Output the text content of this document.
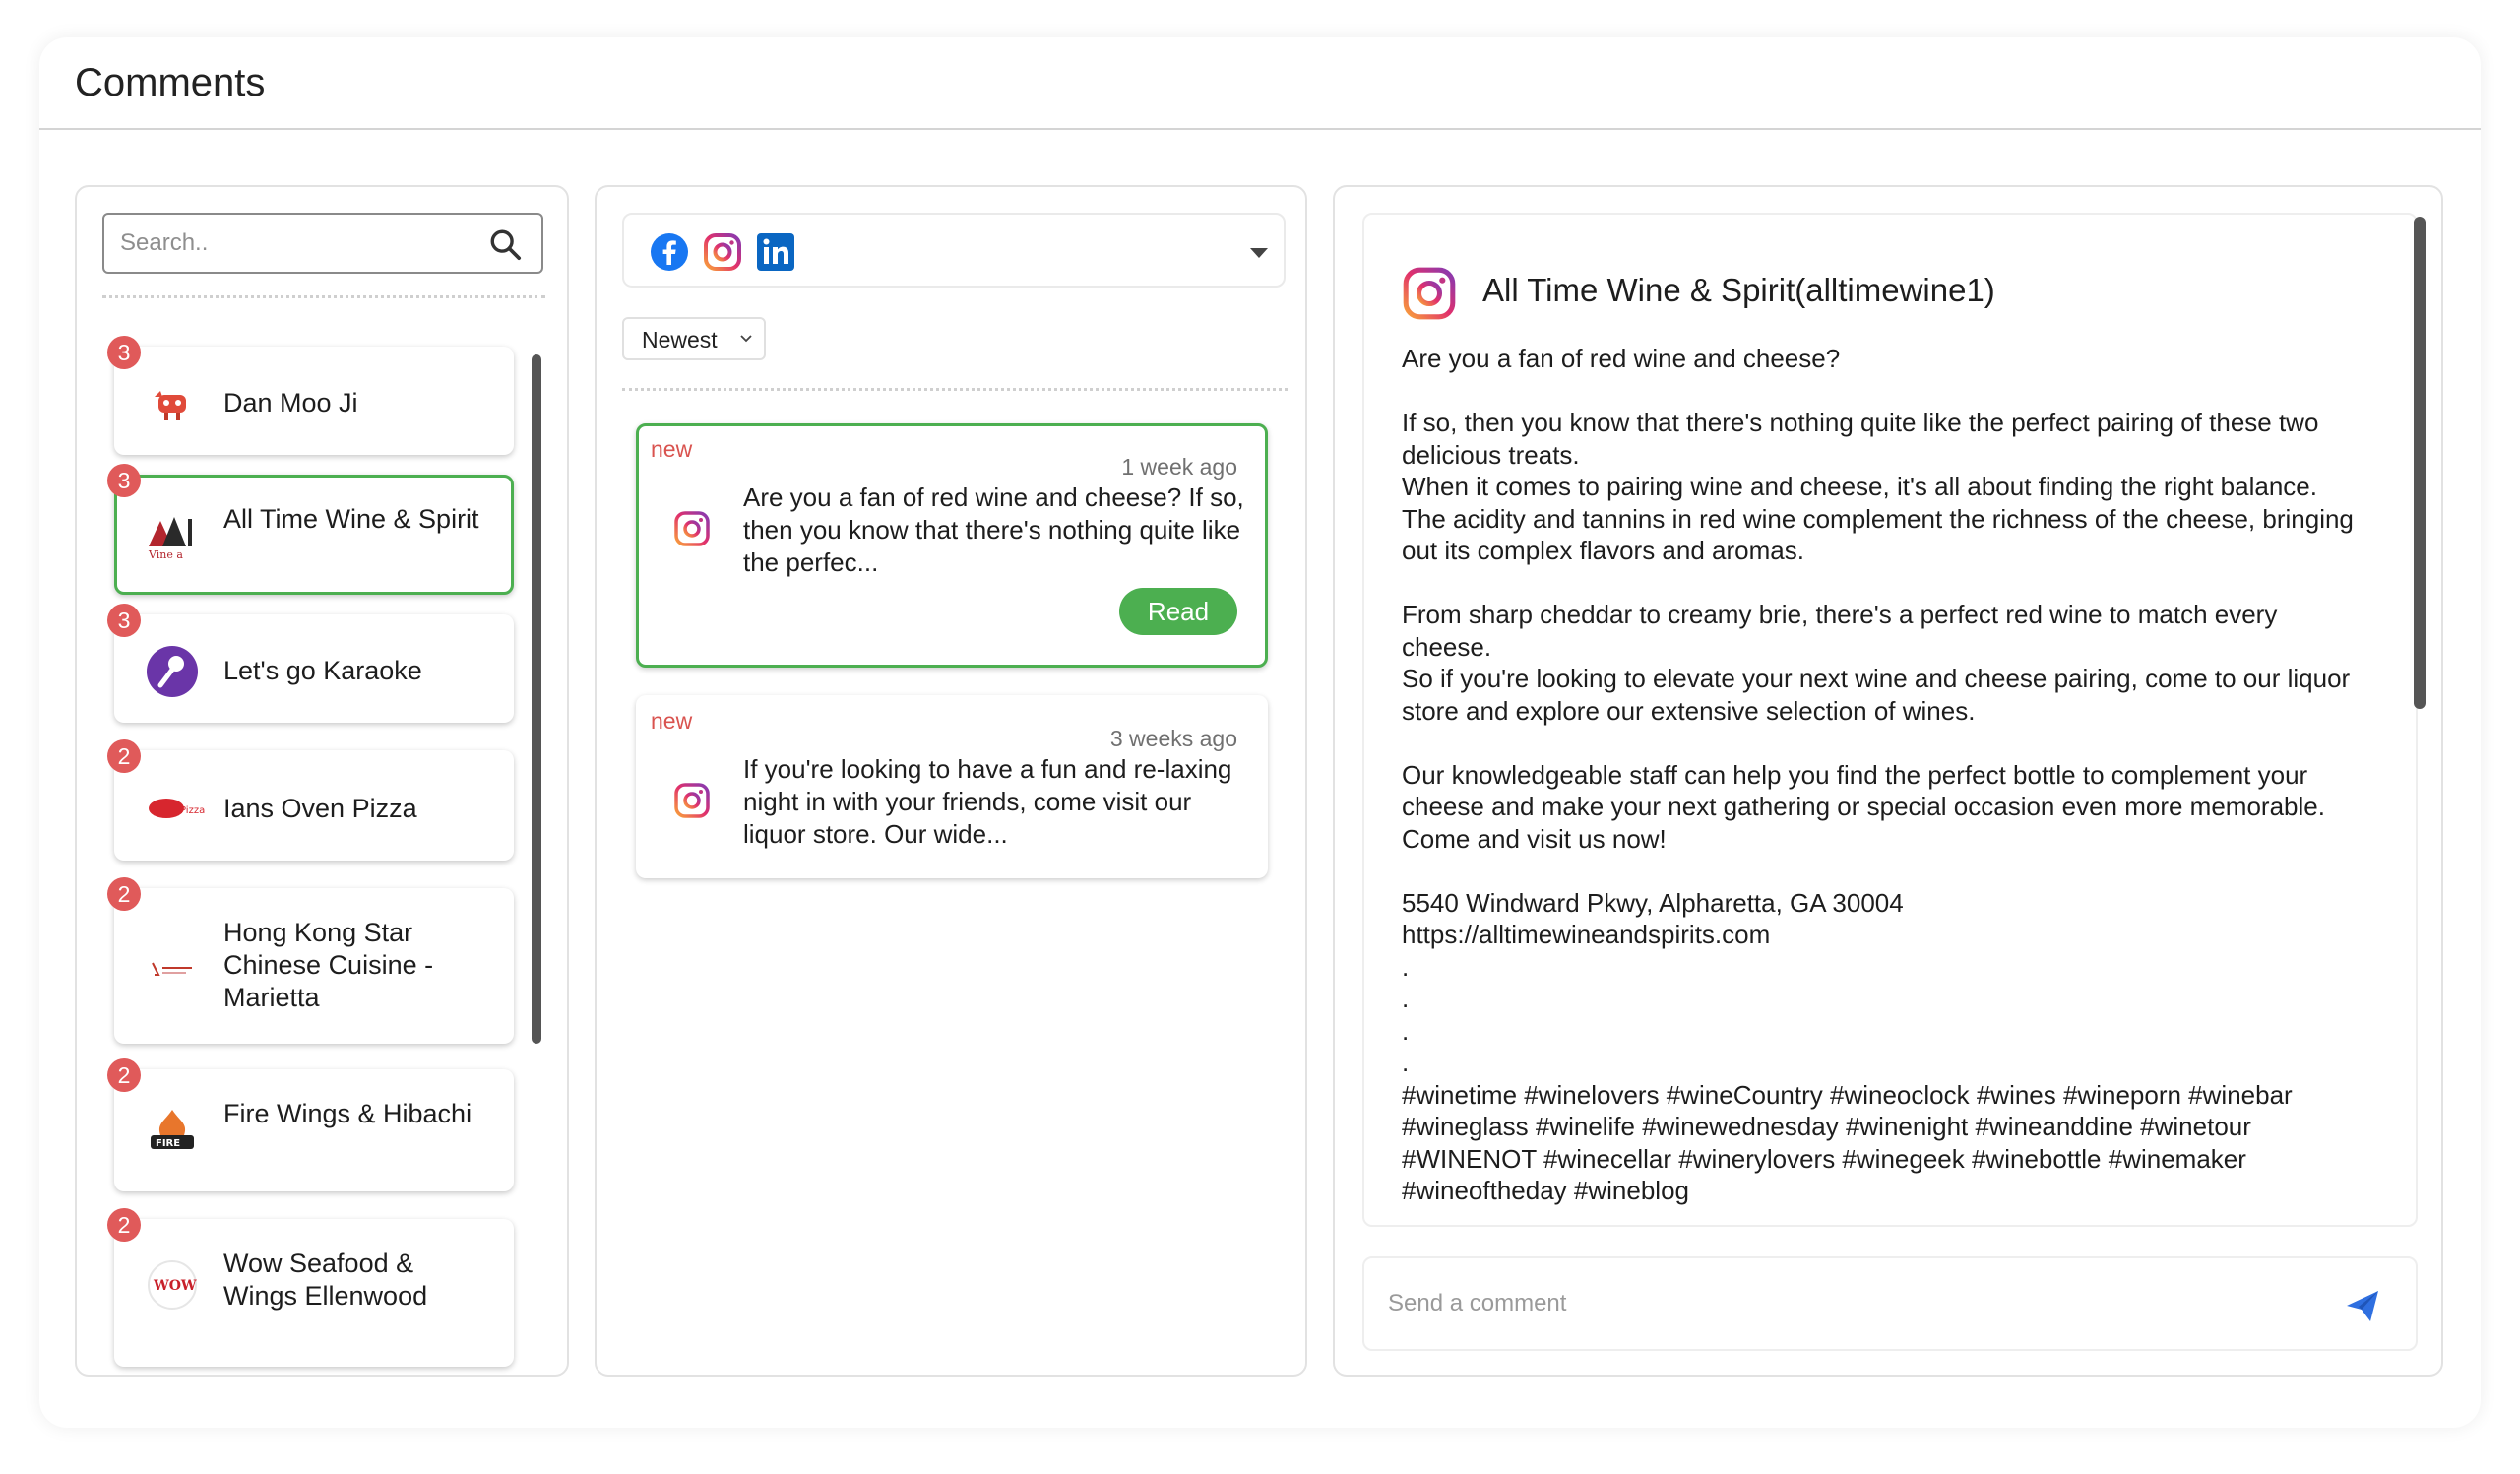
Comments
Search..
3
Dan Moo Ji
3
Vine a
All Time Wine & Spirit
3
Let's go Karaoke
2
Pizza Ians Oven Pizza
2
Hong Kong Star Chinese Cuisine - Marietta
2
FIRE
Fire Wings & Hibachi
2
WOW
Wow Seafood & Wings Ellenwood
Newest
new
1 week ago
Are you a fan of red wine and cheese? If so, then you know that there's nothing quite like the perfec...
Read
new
3 weeks ago
If you're looking to have a fun and re-laxing night in with your friends, come visit our liquor store. Our wide...
All Time Wine & Spirit(alltimewine1)
Are you a fan of red wine and cheese?

If so, then you know that there's nothing quite like the perfect pairing of these two delicious treats.
When it comes to pairing wine and cheese, it's all about finding the right balance. The acidity and tannins in red wine complement the richness of the cheese, bringing out its complex flavors and aromas.

From sharp cheddar to creamy brie, there's a perfect red wine to match every cheese.
So if you're looking to elevate your next wine and cheese pairing, come to our liquor store and explore our extensive selection of wines.

Our knowledgeable staff can help you find the perfect bottle to complement your cheese and make your next gathering or special occasion even more memorable.
Come and visit us now!

5540 Windward Pkwy, Alpharetta, GA 30004
https://alltimewineandspirits.com
.
.
.
.
#winetime #winelovers #wineCountry #wineoclock #wines #wineporn #winebar #wineglass #winelife #winewednesday #winenight #wineanddine #winetour #WINENOT #winecellar #winerylovers #winegeek #winebottle #winemaker #wineoftheday #wineblog
Send a comment
